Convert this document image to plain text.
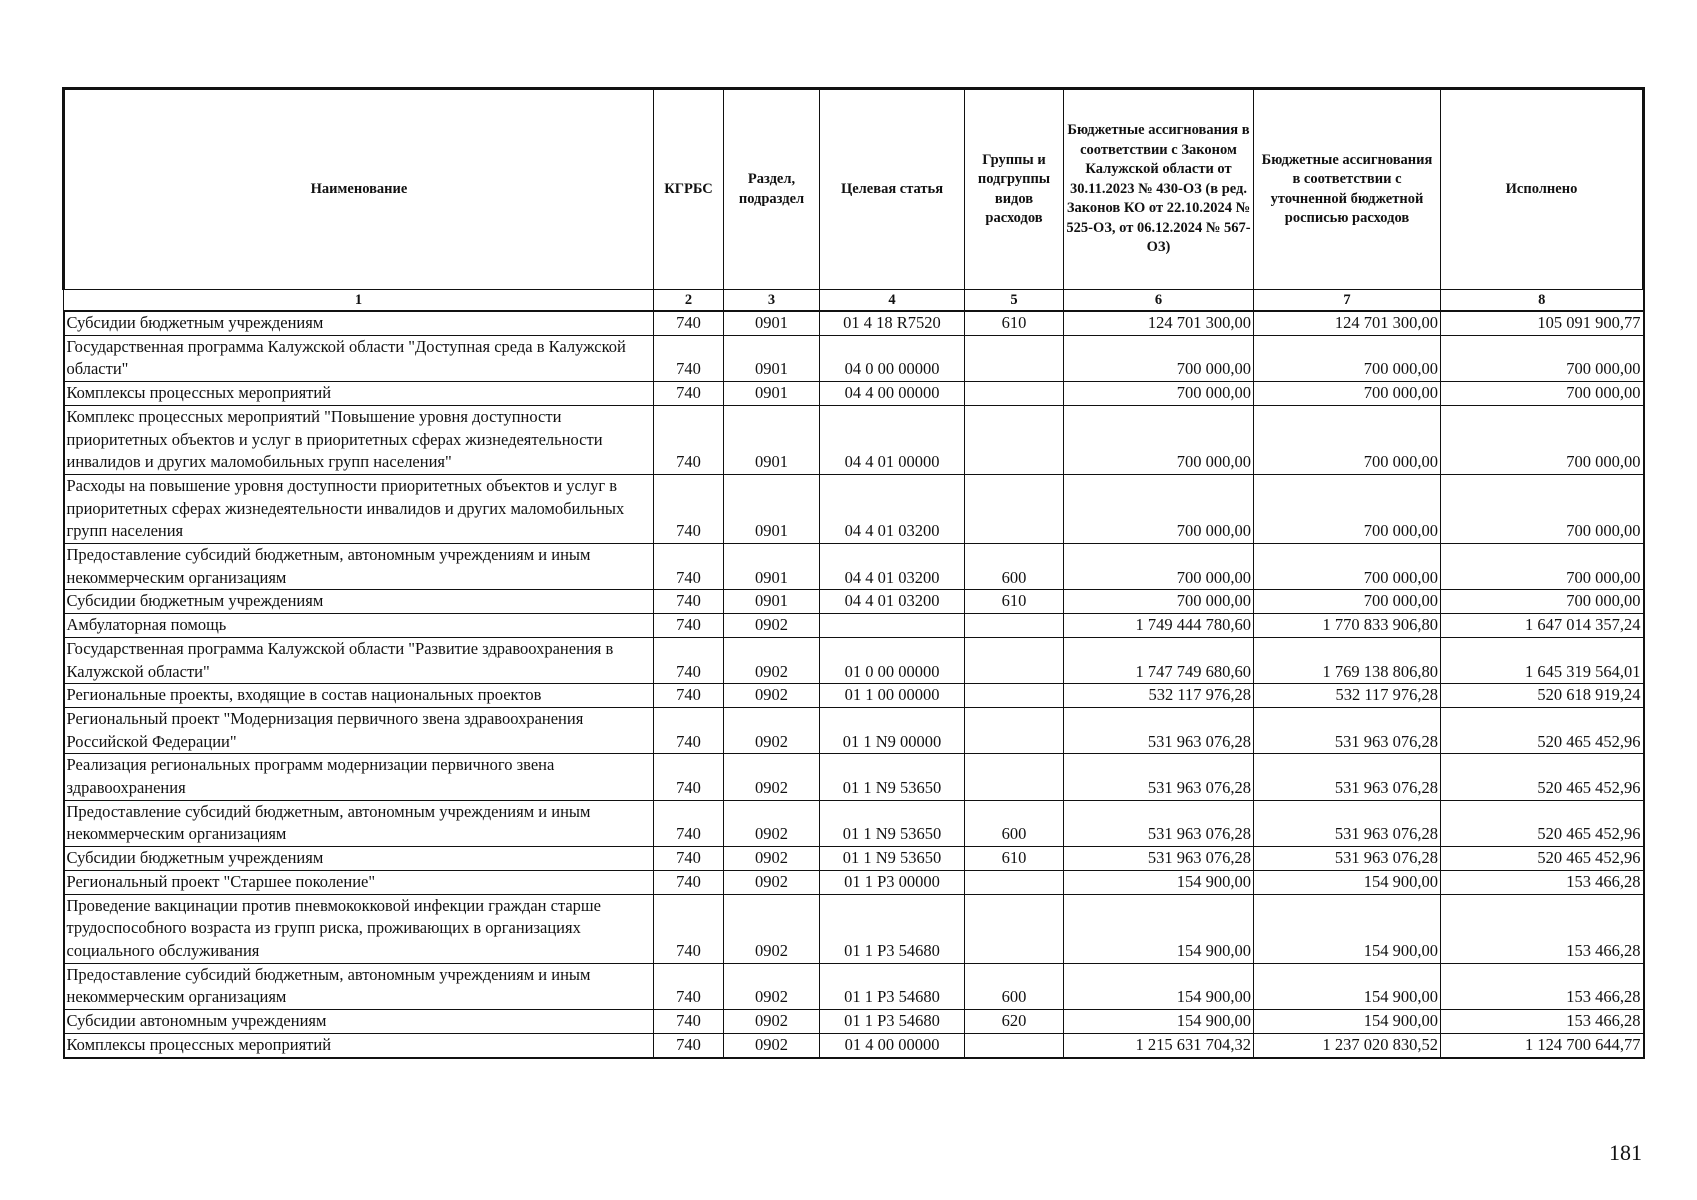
Наименование	КГРБС	Раздел, подраздел	Целевая статья	Группы и подгруппы видов расходов	Бюджетные ассигнования в соответствии с Законом Калужской области от 30.11.2023 № 430-ОЗ (в ред. Законов КО от 22.10.2024 № 525-ОЗ, от 06.12.2024 № 567-ОЗ)	Бюджетные ассигнования в соответствии с уточненной бюджетной росписью расходов	Исполнено
1	2	3	4	5	6	7	8
Субсидии бюджетным учреждениям	740	0901	01 4 18 R7520	610	124 701 300,00	124 701 300,00	105 091 900,77
Государственная программа Калужской области "Доступная среда в Калужской области"	740	0901	04 0 00 00000		700 000,00	700 000,00	700 000,00
Комплексы процессных мероприятий	740	0901	04 4 00 00000		700 000,00	700 000,00	700 000,00
Комплекс процессных мероприятий "Повышение уровня доступности приоритетных объектов и услуг в приоритетных сферах жизнедеятельности инвалидов и других маломобильных групп населения"	740	0901	04 4 01 00000		700 000,00	700 000,00	700 000,00
Расходы на повышение уровня доступности приоритетных объектов и услуг в приоритетных сферах жизнедеятельности инвалидов и других маломобильных групп населения	740	0901	04 4 01 03200		700 000,00	700 000,00	700 000,00
Предоставление субсидий бюджетным, автономным учреждениям и иным некоммерческим организациям	740	0901	04 4 01 03200	600	700 000,00	700 000,00	700 000,00
Субсидии бюджетным учреждениям	740	0901	04 4 01 03200	610	700 000,00	700 000,00	700 000,00
Амбулаторная помощь	740	0902			1 749 444 780,60	1 770 833 906,80	1 647 014 357,24
Государственная программа Калужской области "Развитие здравоохранения в Калужской области"	740	0902	01 0 00 00000		1 747 749 680,60	1 769 138 806,80	1 645 319 564,01
Региональные проекты, входящие в состав национальных проектов	740	0902	01 1 00 00000		532 117 976,28	532 117 976,28	520 618 919,24
Региональный проект "Модернизация первичного звена здравоохранения Российской Федерации"	740	0902	01 1 N9 00000		531 963 076,28	531 963 076,28	520 465 452,96
Реализация региональных программ модернизации первичного звена здравоохранения	740	0902	01 1 N9 53650		531 963 076,28	531 963 076,28	520 465 452,96
Предоставление субсидий бюджетным, автономным учреждениям и иным некоммерческим организациям	740	0902	01 1 N9 53650	600	531 963 076,28	531 963 076,28	520 465 452,96
Субсидии бюджетным учреждениям	740	0902	01 1 N9 53650	610	531 963 076,28	531 963 076,28	520 465 452,96
Региональный проект "Старшее поколение"	740	0902	01 1 P3 00000		154 900,00	154 900,00	153 466,28
Проведение вакцинации против пневмококковой инфекции граждан старше трудоспособного возраста из групп риска, проживающих в организациях социального обслуживания	740	0902	01 1 P3 54680		154 900,00	154 900,00	153 466,28
Предоставление субсидий бюджетным, автономным учреждениям и иным некоммерческим организациям	740	0902	01 1 P3 54680	600	154 900,00	154 900,00	153 466,28
Субсидии автономным учреждениям	740	0902	01 1 P3 54680	620	154 900,00	154 900,00	153 466,28
Комплексы процессных мероприятий	740	0902	01 4 00 00000		1 215 631 704,32	1 237 020 830,52	1 124 700 644,77
181
